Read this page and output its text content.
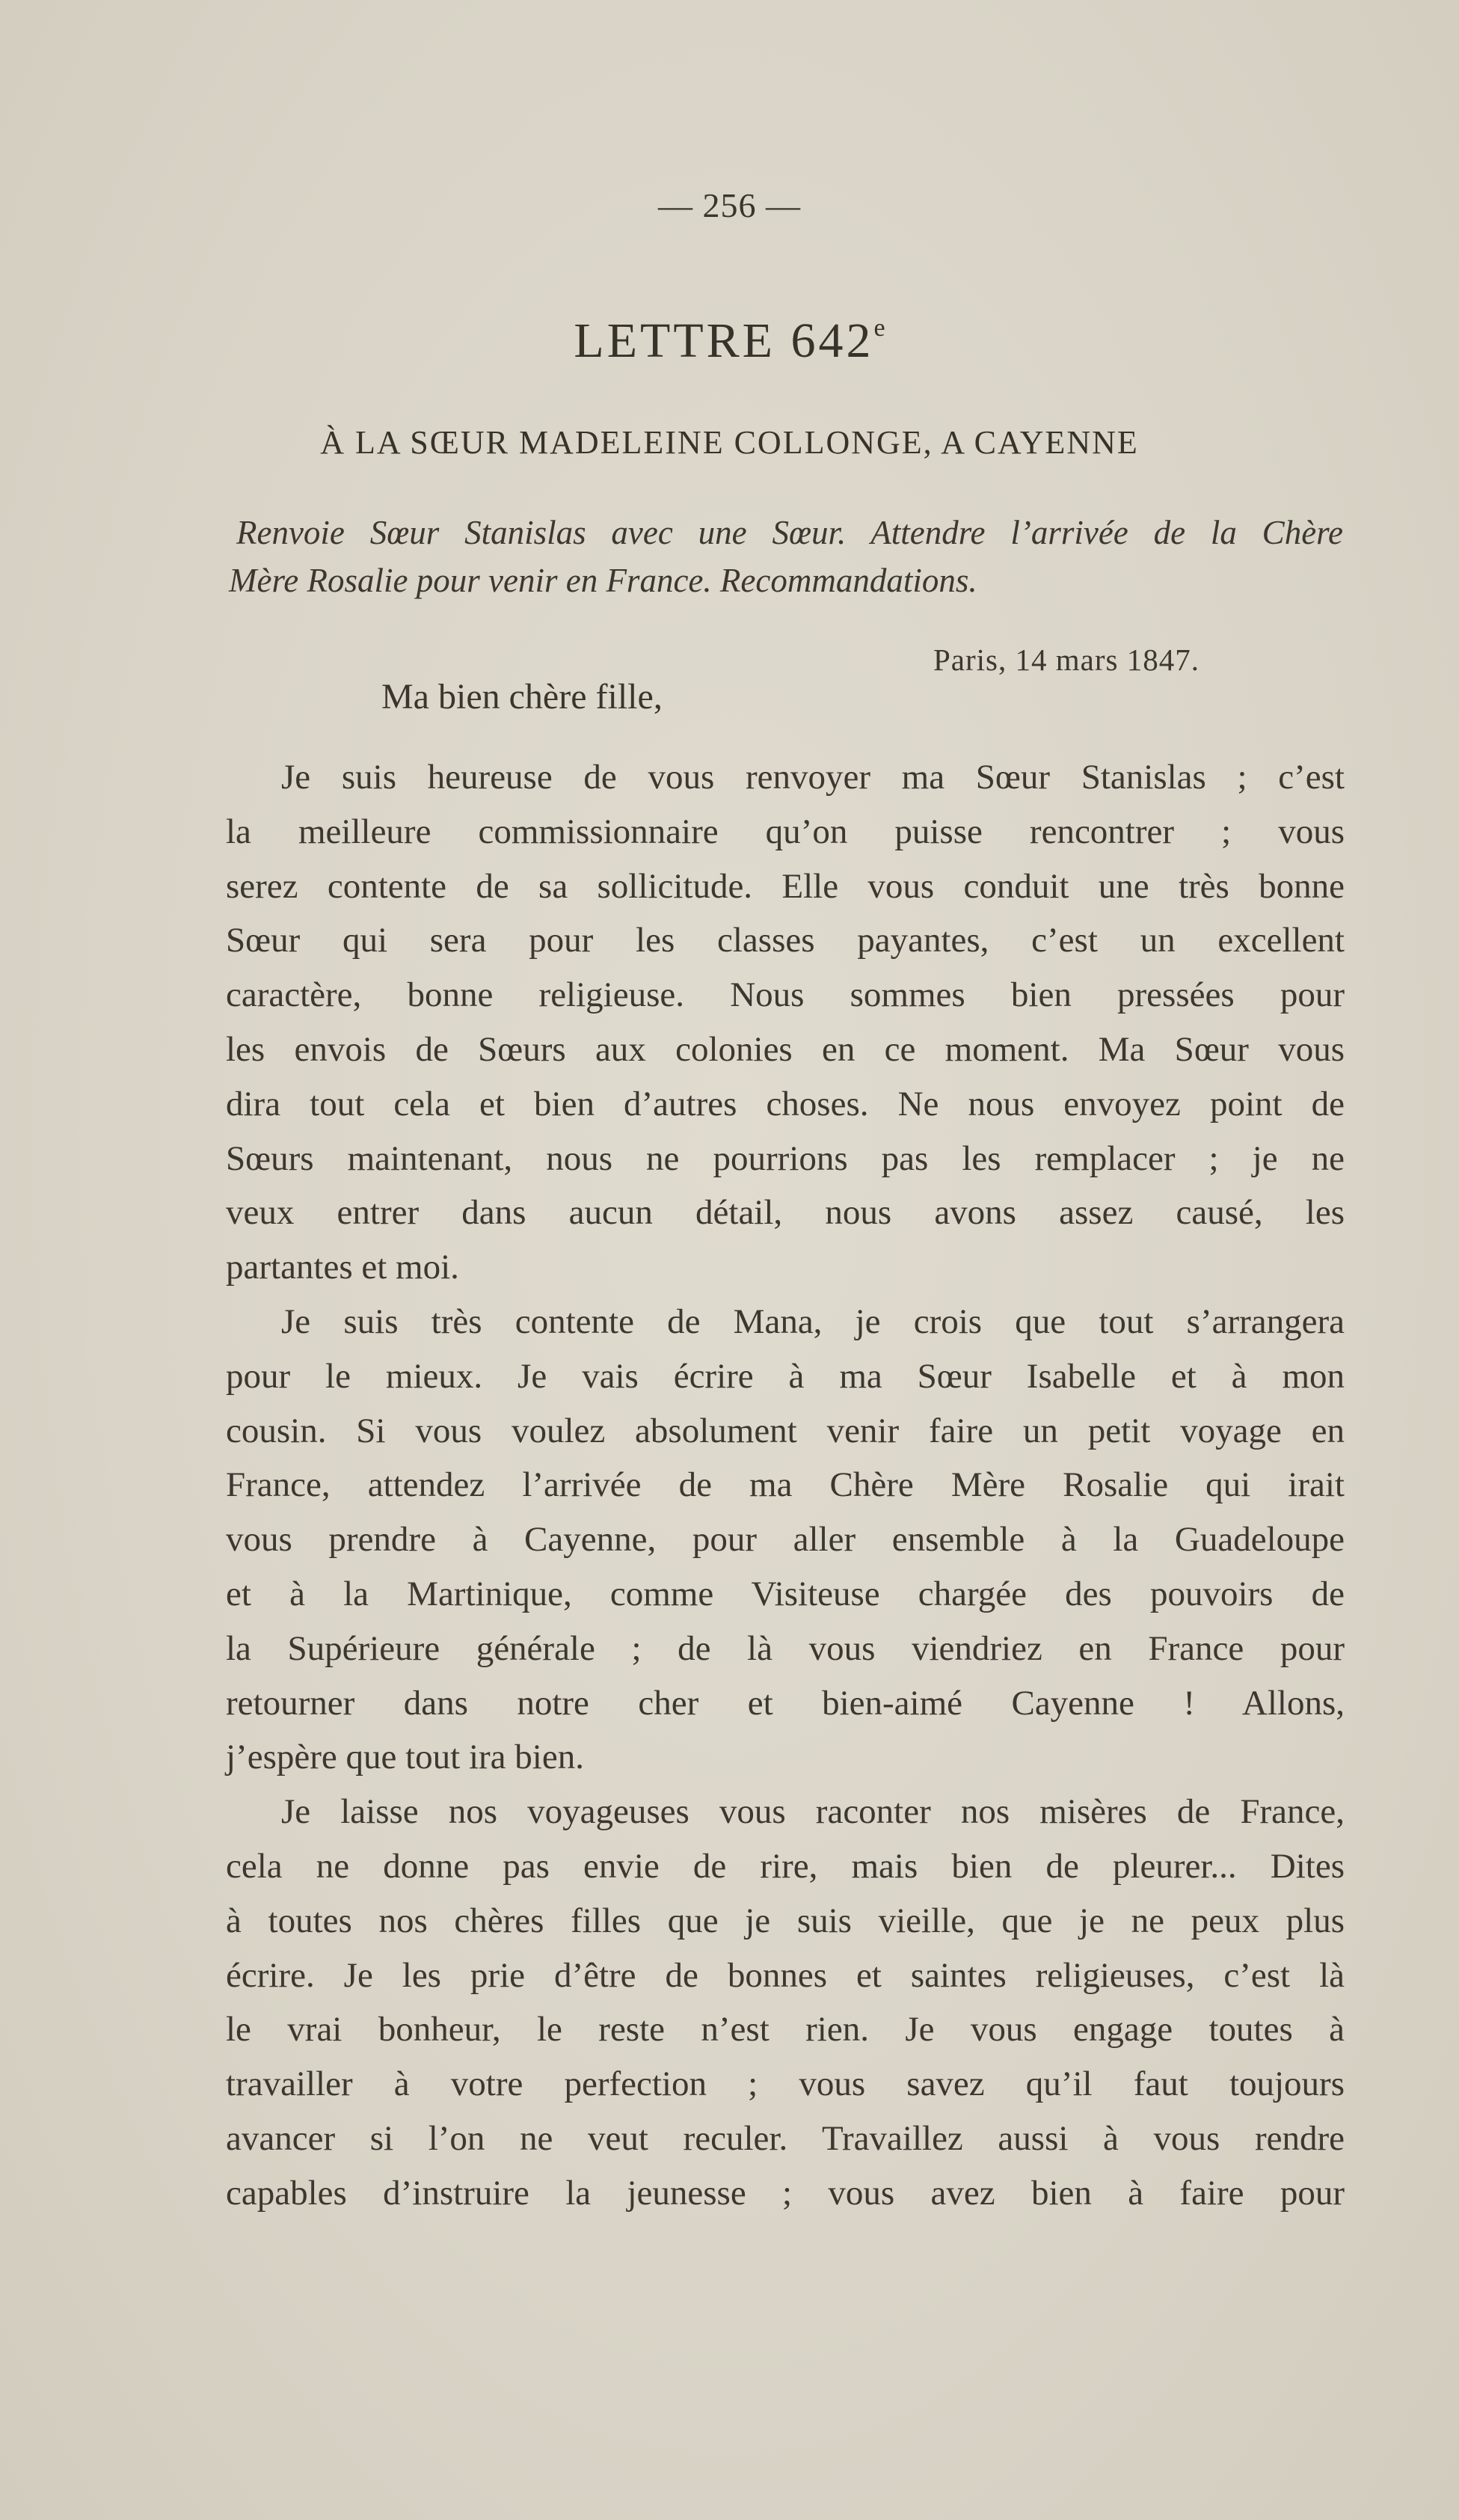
— 256 —
LETTRE 642e
À LA SŒUR MADELEINE COLLONGE, A CAYENNE
Renvoie Sœur Stanislas avec une Sœur. Attendre l’arrivée de la Chère
Mère Rosalie pour venir en France. Recommandations.
Paris, 14 mars 1847.
Ma bien chère fille,
Je suis heureuse de vous renvoyer ma Sœur Stanislas ; c’est
la meilleure commissionnaire qu’on puisse rencontrer ; vous
serez contente de sa sollicitude. Elle vous conduit une très bonne
Sœur qui sera pour les classes payantes, c’est un excellent
caractère, bonne religieuse. Nous sommes bien pressées pour
les envois de Sœurs aux colonies en ce moment. Ma Sœur vous
dira tout cela et bien d’autres choses. Ne nous envoyez point de
Sœurs maintenant, nous ne pourrions pas les remplacer ; je ne
veux entrer dans aucun détail, nous avons assez causé, les
partantes et moi.
Je suis très contente de Mana, je crois que tout s’arrangera
pour le mieux. Je vais écrire à ma Sœur Isabelle et à mon
cousin. Si vous voulez absolument venir faire un petit voyage en
France, attendez l’arrivée de ma Chère Mère Rosalie qui irait
vous prendre à Cayenne, pour aller ensemble à la Guadeloupe
et à la Martinique, comme Visiteuse chargée des pouvoirs de
la Supérieure générale ; de là vous viendriez en France pour
retourner dans notre cher et bien-aimé Cayenne ! Allons,
j’espère que tout ira bien.
Je laisse nos voyageuses vous raconter nos misères de France,
cela ne donne pas envie de rire, mais bien de pleurer... Dites
à toutes nos chères filles que je suis vieille, que je ne peux plus
écrire. Je les prie d’être de bonnes et saintes religieuses, c’est là
le vrai bonheur, le reste n’est rien. Je vous engage toutes à
travailler à votre perfection ; vous savez qu’il faut toujours
avancer si l’on ne veut reculer. Travaillez aussi à vous rendre
capables d’instruire la jeunesse ; vous avez bien à faire pour
